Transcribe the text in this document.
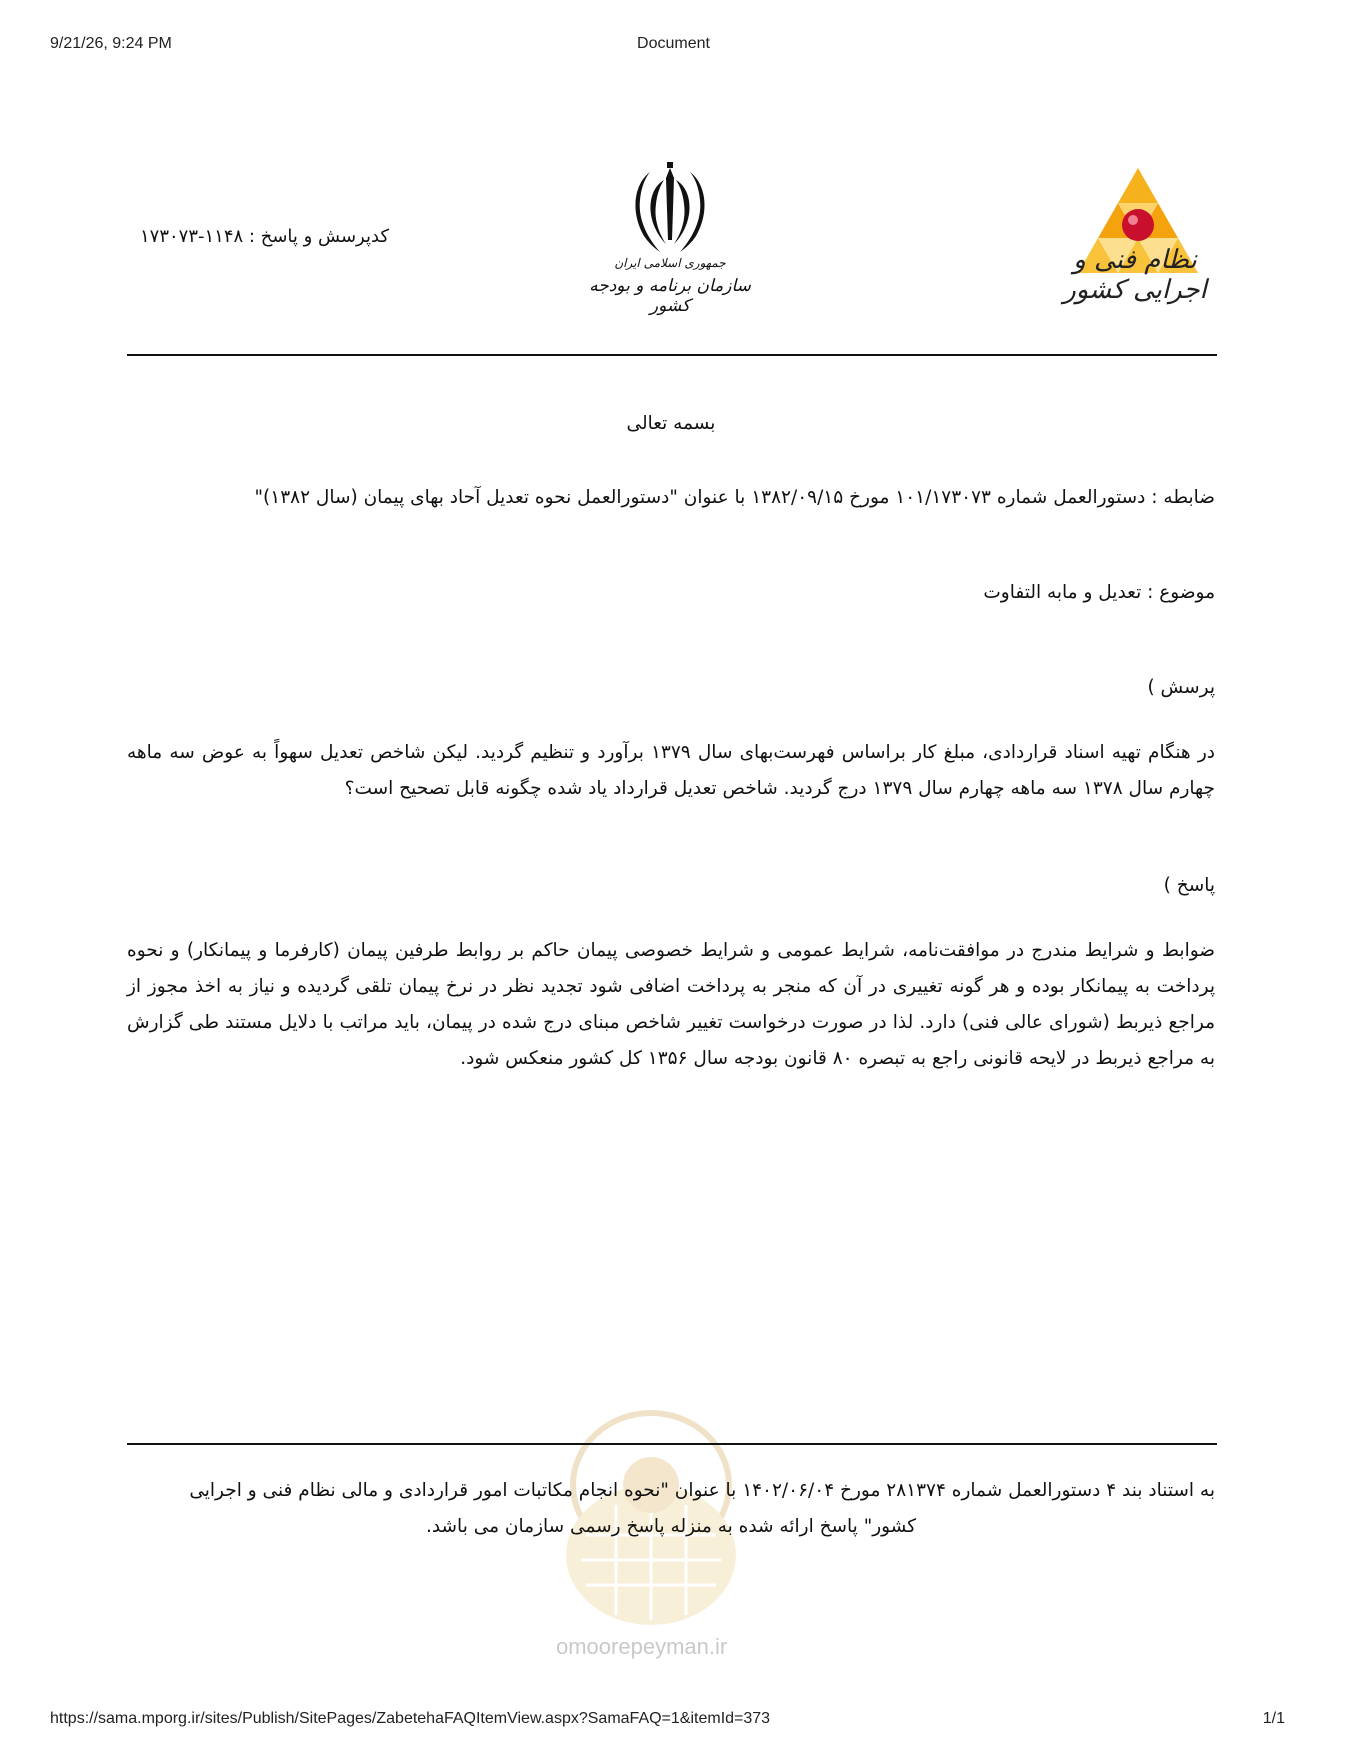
9/21/26, 9:24 PM	Document
https://sama.mporg.ir/sites/Publish/SitePages/ZabetehaFAQItemView.aspx?SamaFAQ=1&itemId=373	1/1
نظام فنی و اجرایی کشور
جمهوری اسلامی ایران
سازمان برنامه و بودجه کشور
کدپرسش و پاسخ : ۱۱۴۸-۱۷۳۰۷۳
بسمه تعالی
ضابطه : دستورالعمل شماره ۱۰۱/۱۷۳۰۷۳ مورخ ۱۳۸۲/۰۹/۱۵ با عنوان "دستورالعمل نحوه تعدیل آحاد بهای پیمان (سال ۱۳۸۲)"
موضوع : تعدیل و مابه التفاوت
پرسش )
در هنگام تهیه اسناد قراردادی، مبلغ کار براساس فهرست‌بهای سال ۱۳۷۹ برآورد و تنظیم گردید. لیکن شاخص تعدیل سهواً به عوض سه ماهه چهارم سال ۱۳۷۸ سه ماهه چهارم سال ۱۳۷۹ درج گردید. شاخص تعدیل قرارداد یاد شده چگونه قابل تصحیح است؟
پاسخ )
ضوابط و شرایط مندرج در موافقت‌نامه، شرایط عمومی و شرایط خصوصی پیمان حاکم بر روابط طرفین پیمان (کارفرما و پیمانکار) و نحوه پرداخت به پیمانکار بوده و هر گونه تغییری در آن که منجر به پرداخت اضافی شود تجدید نظر در نرخ پیمان تلقی گردیده و نیاز به اخذ مجوز از مراجع ذیربط (شورای عالی فنی) دارد. لذا در صورت درخواست تغییر شاخص مبنای درج شده در پیمان، باید مراتب با دلایل مستند طی گزارش به مراجع ذیربط در لایحه قانونی راجع به تبصره ۸۰ قانون بودجه سال ۱۳۵۶ کل کشور منعکس شود.
omoorepeyman.ir
به استناد بند ۴ دستورالعمل شماره ۲۸۱۳۷۴ مورخ ۱۴۰۲/۰۶/۰۴ با عنوان "نحوه انجام مکاتبات امور قراردادی و مالی نظام فنی و اجرایی
کشور" پاسخ ارائه شده به منزله پاسخ رسمی سازمان می باشد.
